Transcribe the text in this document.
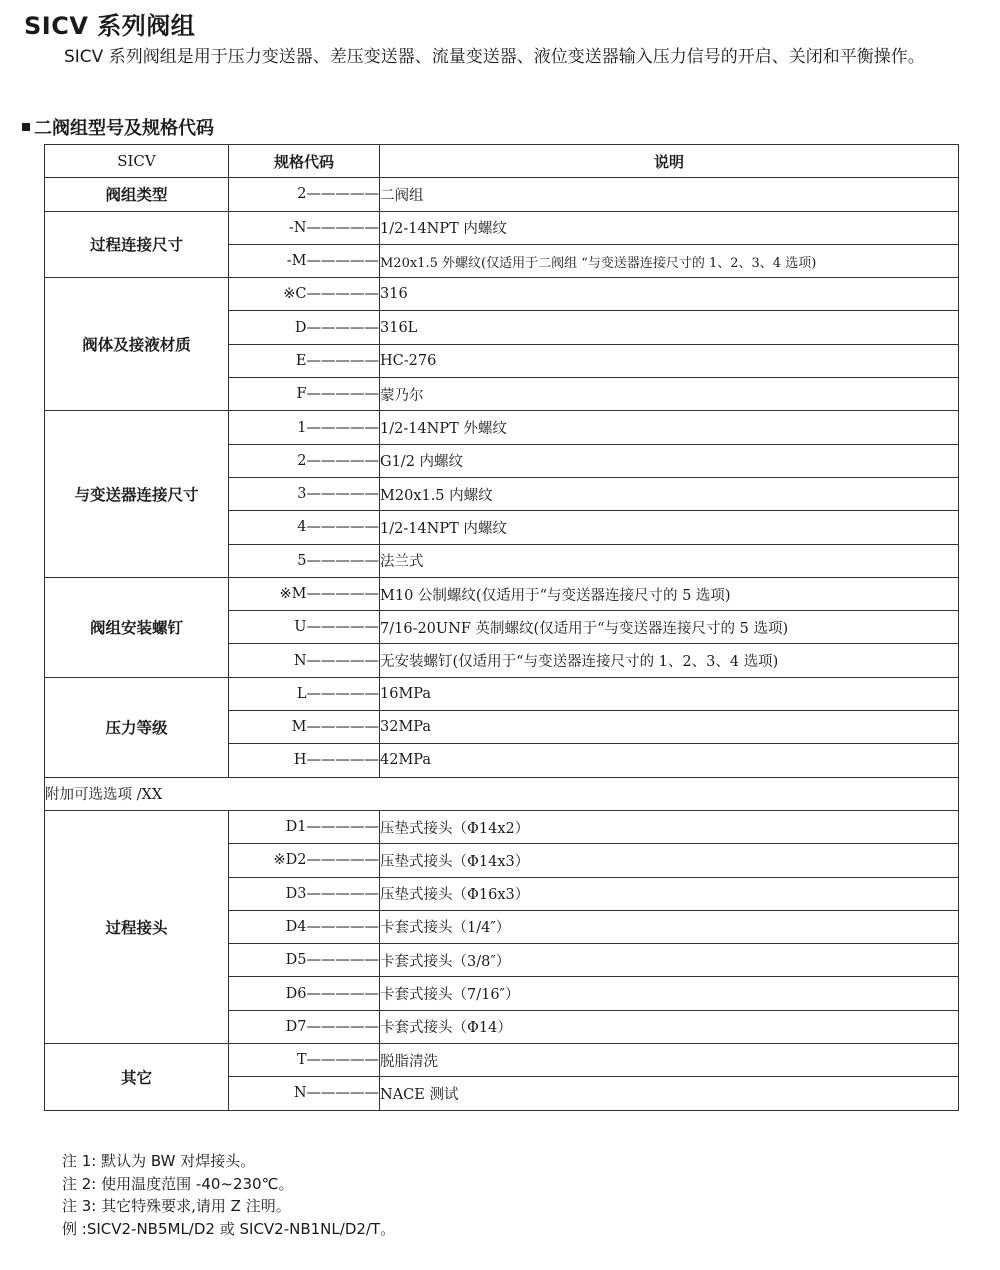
SICV 系列阀组
SICV 系列阀组是用于压力变送器、差压变送器、流量变送器、液位变送器输入压力信号的开启、关闭和平衡操作。
二阀组型号及规格代码
SICV	规格代码	说明
阀组类型	2—————	二阀组
过程连接尺寸	-N—————	1/2-14NPT 内螺纹
	-M—————	M20x1.5 外螺纹(仅适用于二阀组 “与变送器连接尺寸的 1、2、3、4 选项)
阀体及接液材质	※C—————	316
	D—————	316L
	E—————	HC-276
	F—————	蒙乃尔
与变送器连接尺寸	1—————	1/2-14NPT 外螺纹
	2—————	G1/2 内螺纹
	3—————	M20x1.5 内螺纹
	4—————	1/2-14NPT 内螺纹
	5—————	法兰式
阀组安装螺钉	※M—————	M10 公制螺纹(仅适用于“与变送器连接尺寸的 5 选项)
	U—————	7/16-20UNF 英制螺纹(仅适用于“与变送器连接尺寸的 5 选项)
	N—————	无安装螺钉(仅适用于“与变送器连接尺寸的 1、2、3、4 选项)
压力等级	L—————	16MPa
	M—————	32MPa
	H—————	42MPa
附加可选选项 /XX		
过程接头	D1—————	压垫式接头（Φ14x2）
	※D2—————	压垫式接头（Φ14x3）
	D3—————	压垫式接头（Φ16x3）
	D4—————	卡套式接头（1/4″）
	D5—————	卡套式接头（3/8″）
	D6—————	卡套式接头（7/16″）
	D7—————	卡套式接头（Φ14）
其它	T—————	脱脂清洗
	N—————	NACE 测试
注 1: 默认为 BW 对焊接头。
注 2: 使用温度范围 -40~230℃。
注 3: 其它特殊要求,请用 Z 注明。
例 :SICV2-NB5ML/D2 或 SICV2-NB1NL/D2/T。
